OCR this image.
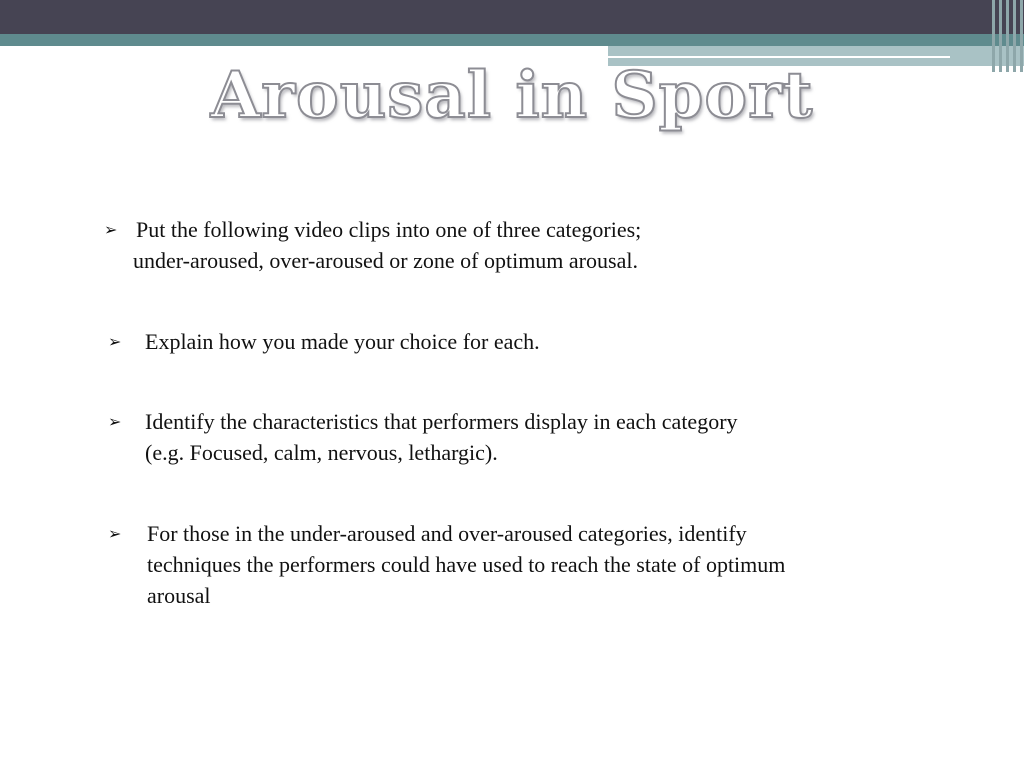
Arousal in Sport
➢ Put the following video clips into one of three categories;
under-aroused, over-aroused or zone of optimum arousal.
➢ Explain how you made your choice for each.
➢ Identify the characteristics that performers display in each category
(e.g. Focused, calm, nervous, lethargic).
➢ For those in the under-aroused and over-aroused categories, identify
techniques the performers could have used to reach the state of optimum
arousal
